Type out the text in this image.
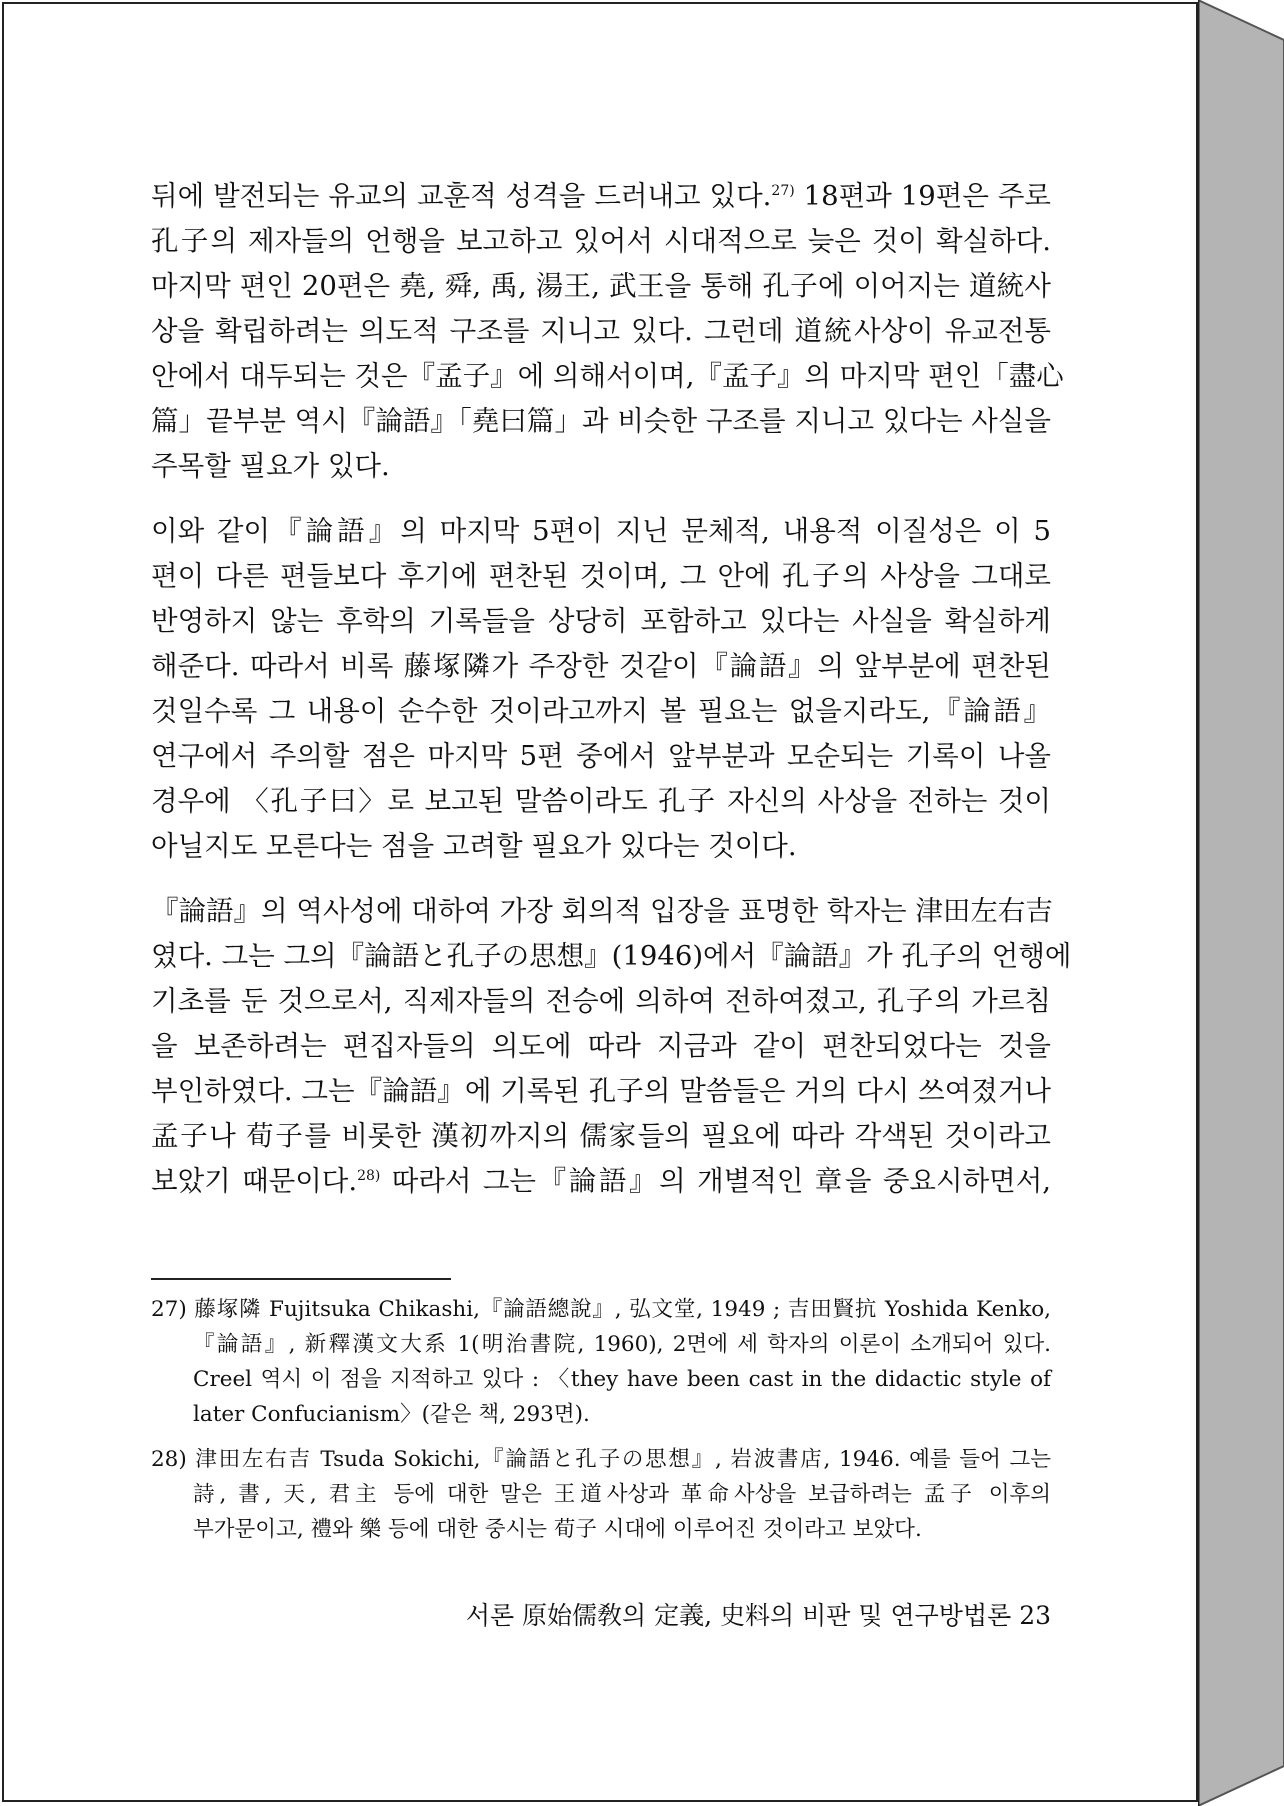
뒤에 발전되는 유교의 교훈적 성격을 드러내고 있다.$^{27)}$ 18편과 19편은 주로
孔子의 제자들의 언행을 보고하고 있어서 시대적으로 늦은 것이 확실하다.
마지막 편인 20편은 堯, 舜, 禹, 湯王, 武王을 통해 孔子에 이어지는 道統사
상을 확립하려는 의도적 구조를 지니고 있다. 그런데 道統사상이 유교전통
안에서 대두되는 것은『孟子』에 의해서이며,『孟子』의 마지막 편인「盡心
篇」끝부분 역시『論語』「堯曰篇」과 비슷한 구조를 지니고 있다는 사실을
주목할 필요가 있다.
이와 같이『論語』의 마지막 5편이 지닌 문체적, 내용적 이질성은 이 5
편이 다른 편들보다 후기에 편찬된 것이며, 그 안에 孔子의 사상을 그대로
반영하지 않는 후학의 기록들을 상당히 포함하고 있다는 사실을 확실하게
해준다. 따라서 비록 藤塚隣가 주장한 것같이『論語』의 앞부분에 편찬된
것일수록 그 내용이 순수한 것이라고까지 볼 필요는 없을지라도,『論語』
연구에서 주의할 점은 마지막 5편 중에서 앞부분과 모순되는 기록이 나올
경우에 〈孔子曰〉로 보고된 말씀이라도 孔子 자신의 사상을 전하는 것이
아닐지도 모른다는 점을 고려할 필요가 있다는 것이다.
『論語』의 역사성에 대하여 가장 회의적 입장을 표명한 학자는 津田左右吉
였다. 그는 그의『論語と孔子の思想』(1946)에서『論語』가 孔子의 언행에
기초를 둔 것으로서, 직제자들의 전승에 의하여 전하여졌고, 孔子의 가르침
을 보존하려는 편집자들의 의도에 따라 지금과 같이 편찬되었다는 것을
부인하였다. 그는『論語』에 기록된 孔子의 말씀들은 거의 다시 쓰여졌거나
孟子나 荀子를 비롯한 漢初까지의 儒家들의 필요에 따라 각색된 것이라고
보았기 때문이다.$^{28)}$ 따라서 그는『論語』의 개별적인 章을 중요시하면서,
27) 藤塚隣 Fujitsuka Chikashi,『論語總說』, 弘文堂, 1949 ; 吉田賢抗 Yoshida Kenko,
『論語』, 新釋漢文大系 1(明治書院, 1960), 2면에 세 학자의 이론이 소개되어 있다.
Creel 역시 이 점을 지적하고 있다 : 〈they have been cast in the didactic style of
later Confucianism〉(같은 책, 293면).
28) 津田左右吉 Tsuda Sokichi,『論語と孔子の思想』, 岩波書店, 1946. 예를 들어 그는
詩, 書, 天, 君主 등에 대한 말은 王道사상과 革命사상을 보급하려는 孟子 이후의
부가문이고, 禮와 樂 등에 대한 중시는 荀子 시대에 이루어진 것이라고 보았다.
서론 原始儒敎의 定義, 史料의 비판 및 연구방법론 23
